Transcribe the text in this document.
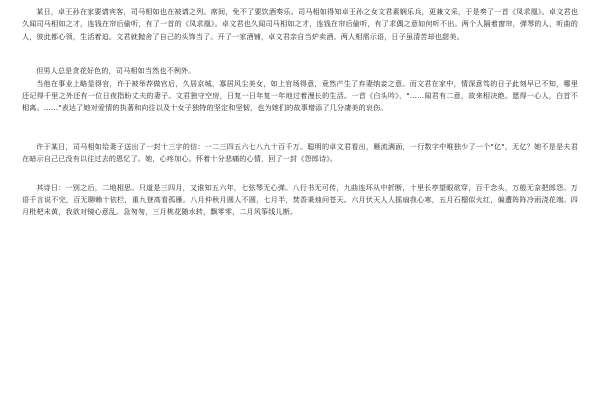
某日，卓王孙在家要请宾客，司马相如也在被请之列。席间，免不了要饮酒奏乐。司马相如得知卓王孙之女文君素娴乐兵，更兼文采，于是奏了一首《凤求凰》。卓文君也久闻司马相如之才，连钱在帘后偷听，有了一首的《凤求凰》。卓文君也久闻司马相如之才，连钱在帘后偷听，有了求偶之意如何听不出。两个人隔着窗帘，弹琴的人，听曲的人，彼此都心领，生活着迫。文君就抛舍了自己的头饰当了。开了一家酒铺，卓文君亲自当炉卖酒。两人相需示语，日子虽清苦却也甜美。
但男人总是贪花好色的，司马相如当然也不例外。
当他在事业上略显得官，许于被举荐做官后，久居京城，寡居风尘美女，如上官场得意，竟然产生了弃妻纳妾之意。而文君在家中，情深意笃的日子此刻早已不知，哪里还记得千里之外还有一位日夜指盼丈夫的妻子。文君独守空房，日复一日年复一年地过着漫长的生活。一首《白头吟》，"……闻君有二意，故来相决绝。愿得一心人，白首不相离。……"表达了她对爱情的执著和向往以及十女子独特的坚定和坚韧，也为她们的故事增添了几分凄美的哀伤。
许于某日，司马相如给妻子送出了一封十三字的信：一二三四五六七八九十百千万。聪明的卓文君看出，雁流满面，一行数字中唯独少了一个"亿"，无亿？她不是是夫君在暗示自己已没有以往过去的恩忆了。她，心疼加心。怀着十分悲痛的心情，回了一封《怨郎诗》。
其诗日：一别之后，二地相思。只道是三四月，又谁知五六年，七弦琴无心弹。八行书无可传，九曲连环从中折断，十里长亭望眼欲穿，百千念头，万般无奈把郎怨。万语千言说不完，百无聊赖十依栏，重九登高看孤雁。八月仲秋月圆人不圆，七月半，焚香秉烛问苍天。六月伏天人人摇扇我心寒，五月石榴似火红，偏遭阵阵冷雨浇花端。四月枇杷未黄，我欲对镜心意乱。急匆匆，三月桃花随水转，飘零零，二月风筝线儿断。
